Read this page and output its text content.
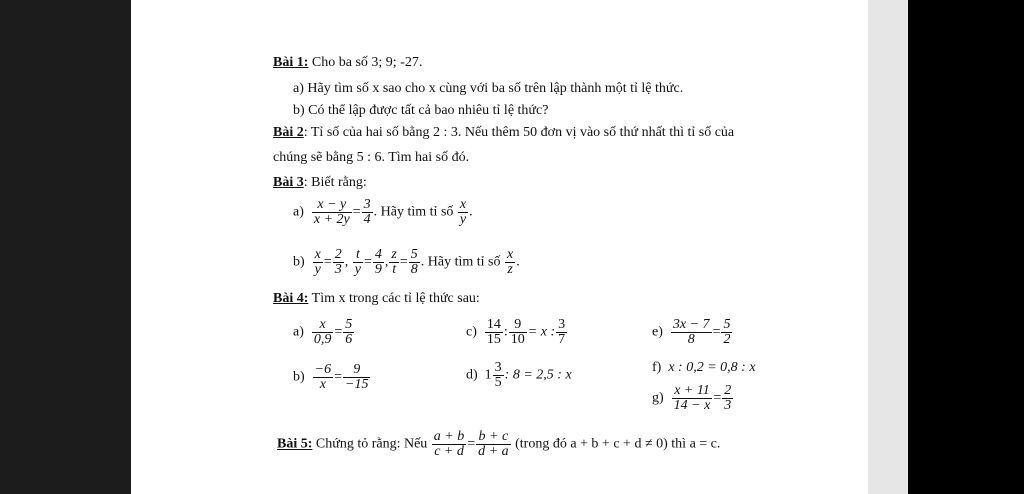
Bài 1: Cho ba số 3; 9; -27.
a) Hãy tìm số x sao cho x cùng với ba số trên lập thành một tỉ lệ thức.
b) Có thể lập được tất cả bao nhiêu tỉ lệ thức?
Bài 2: Tỉ số của hai số bằng 2 : 3. Nếu thêm 50 đơn vị vào số thứ nhất thì tỉ số của
chúng sẽ bằng 5 : 6. Tìm hai số đó.
Bài 3: Biết rằng:
$a) \frac{x - y}{x + 2y} = \frac{3}{4}$ . Hãy tìm tỉ số $\frac{x}{y}$ .
$b) \frac{x}{y} = \frac{2}{3}$ , $\frac{t}{y} = \frac{4}{9}$ , $\frac{z}{t} = \frac{5}{8}$ . Hãy tìm tỉ số $\frac{x}{z}$ .
Bài 4: Tìm x trong các tỉ lệ thức sau:
$a) \frac{x}{0,9} = \frac{5}{6}$
$b) \frac{-6}{x} = \frac{9}{-15}$
$c) \frac{14}{15}$ : $\frac{9}{10} = x$ : $\frac{3}{7}$
d) $1 \frac{3}{5}$ : 8 = 2,5 : x
$e) \frac{3x - 7}{8} = \frac{5}{2}$
f) x : 0,2 = 0,8 : x
$g) \frac{x + 11}{14 - x} = \frac{2}{3}$
Bài 5: Chứng tỏ rằng: Nếu $\frac{a + b}{c + d} = \frac{b + c}{d + a}$ (trong đó a + b + c + d ≠ 0) thì a = c.
